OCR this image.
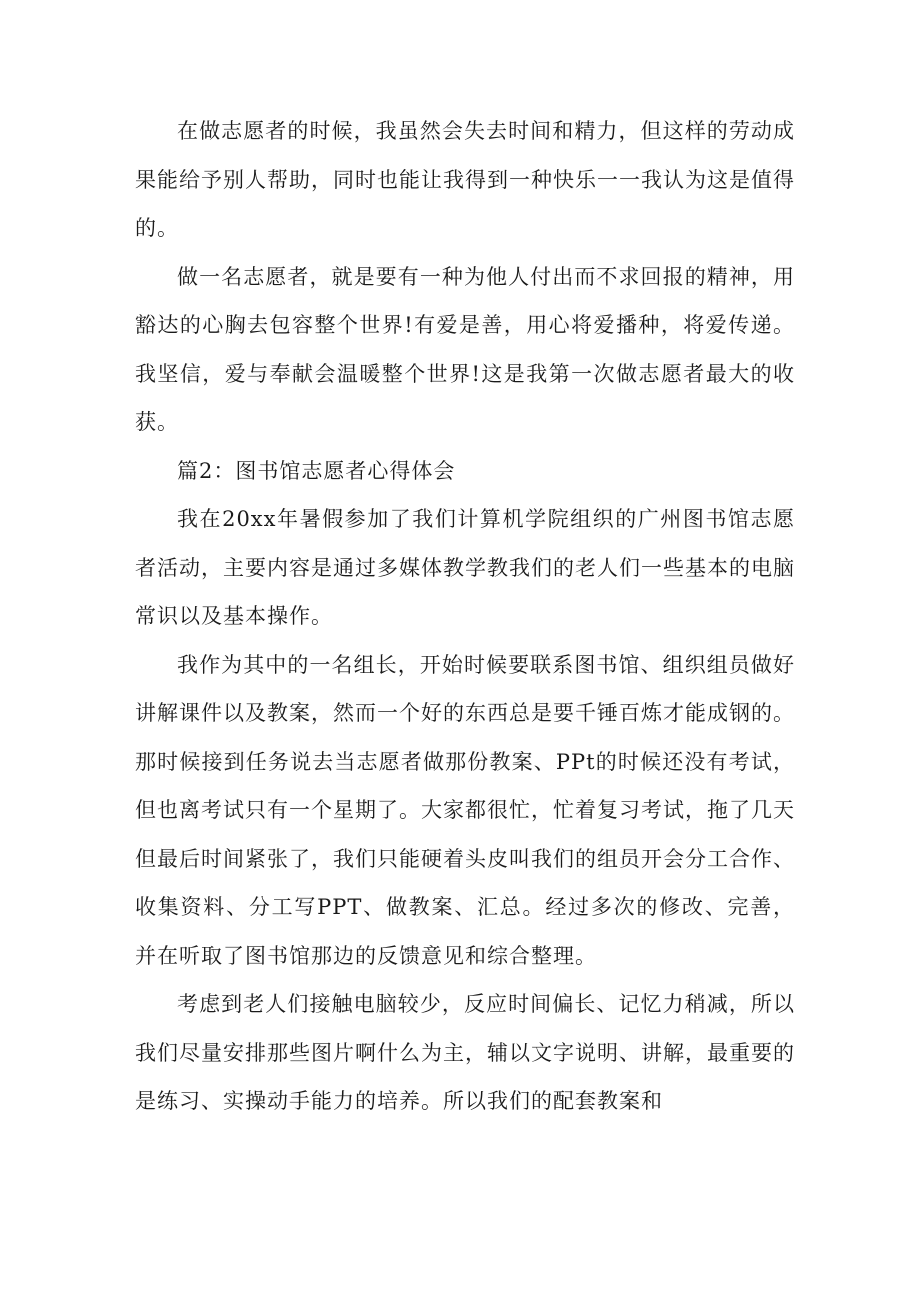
在做志愿者的时候，我虽然会失去时间和精力，但这样的劳动成果能给予别人帮助，同时也能让我得到一种快乐一一我认为这是值得的。

做一名志愿者，就是要有一种为他人付出而不求回报的精神，用豁达的心胸去包容整个世界!有爱是善，用心将爱播种，将爱传递。我坚信，爱与奉献会温暖整个世界!这是我第一次做志愿者最大的收获。

篇2：图书馆志愿者心得体会

我在20xx年暑假参加了我们计算机学院组织的广州图书馆志愿者活动，主要内容是通过多媒体教学教我们的老人们一些基本的电脑常识以及基本操作。

我作为其中的一名组长，开始时候要联系图书馆、组织组员做好讲解课件以及教案，然而一个好的东西总是要千锤百炼才能成钢的。那时候接到任务说去当志愿者做那份教案、PPt的时候还没有考试，但也离考试只有一个星期了。大家都很忙，忙着复习考试，拖了几天但最后时间紧张了，我们只能硬着头皮叫我们的组员开会分工合作、收集资料、分工写PPT、做教案、汇总。经过多次的修改、完善，并在听取了图书馆那边的反馈意见和综合整理。

考虑到老人们接触电脑较少，反应时间偏长、记忆力稍减，所以我们尽量安排那些图片啊什么为主，辅以文字说明、讲解，最重要的是练习、实操动手能力的培养。所以我们的配套教案和
